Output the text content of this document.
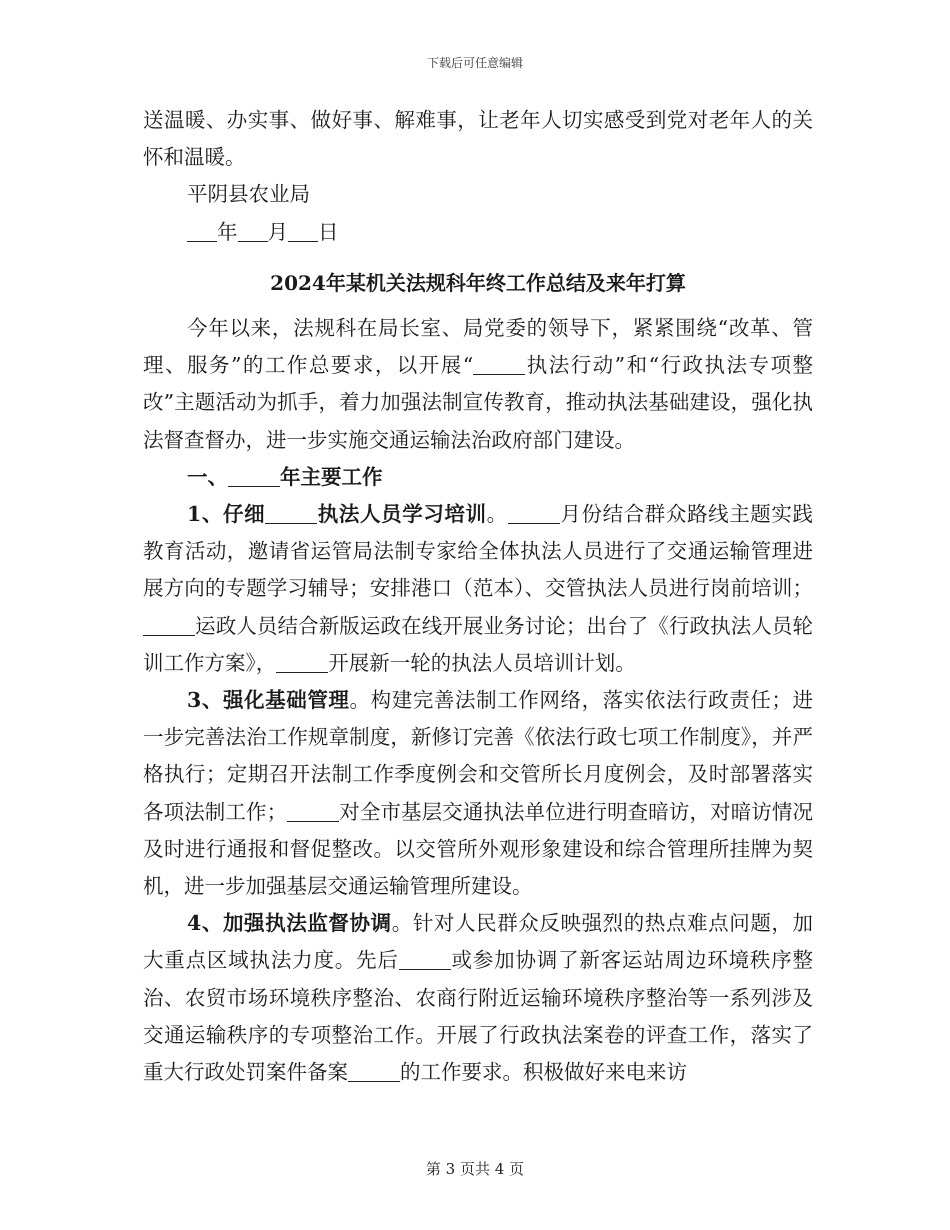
下载后可任意编辑

送温暖、办实事、做好事、解难事，让老年人切实感受到党对老年人的关怀和温暖。

平阴县农业局

年 月 日

2024年某机关法规科年终工作总结及来年打算

今年以来，法规科在局长室、局党委的领导下，紧紧围绕“改革、管理、服务”的工作总要求，以开展“	执法行动”和“行政执法专项整改”主题活动为抓手，着力加强法制宣传教育，推动执法基础建设，强化执法督查督办，进一步实施交通运输法治政府部门建设。

一、	年主要工作

1、仔细	执法人员学习培训。	月份结合群众路线主题实践教育活动，邀请省运管局法制专家给全体执法人员进行了交通运输管理进展方向的专题学习辅导；安排港口（范本）、交管执法人员进行岗前培训；运政人员结合新版运政在线开展业务讨论；出台了《行政执法人员轮训工作方案》，	开展新一轮的执法人员培训计划。

3、强化基础管理。构建完善法制工作网络，落实依法行政责任；进一步完善法治工作规章制度，新修订完善《依法行政七项工作制度》，并严格执行；定期召开法制工作季度例会和交管所长月度例会，及时部署落实各项法制工作；	对全市基层交通执法单位进行明查暗访，对暗访情况及时进行通报和督促整改。以交管所外观形象建设和综合管理所挂牌为契机，进一步加强基层交通运输管理所建设。

4、加强执法监督协调。针对人民群众反映强烈的热点难点问题，加大重点区域执法力度。先后	或参加协调了新客运站周边环境秩序整治、农贸市场环境秩序整治、农商行附近运输环境秩序整治等一系列涉及交通运输秩序的专项整治工作。开展了行政执法案卷的评查工作，落实了重大行政处罚案件备案	的工作要求。积极做好来电来访

第 3 页共 4 页
